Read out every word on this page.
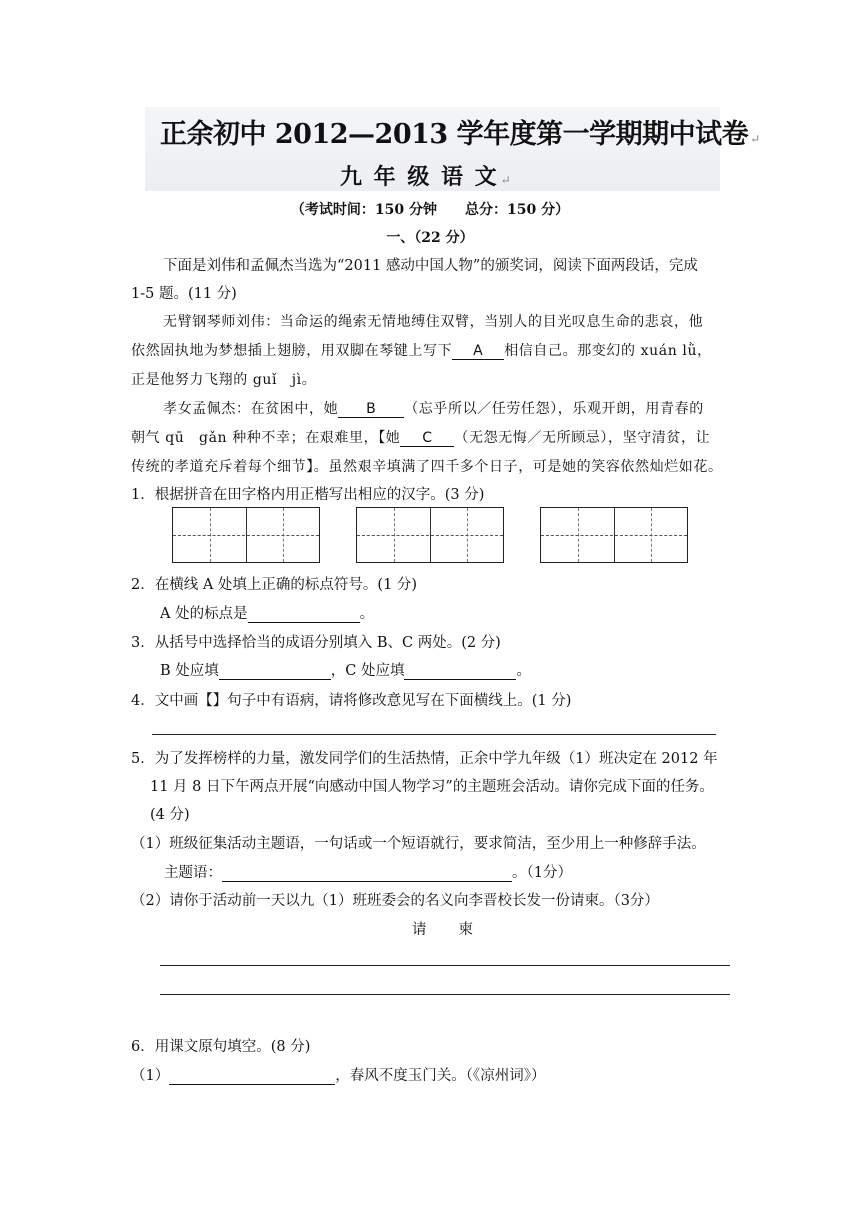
正余初中 2012—2013 学年度第一学期期中试卷 ↵
九 年 级 语 文 ↵
（考试时间：150 分钟　　总分：150 分）
一、（22 分）
下面是刘伟和孟佩杰当选为“2011 感动中国人物”的颁奖词，阅读下面两段话，完成
1-5 题。(11 分)
无臂钢琴师刘伟：当命运的绳索无情地缚住双臂，当别人的目光叹息生命的悲哀，他
依然固执地为梦想插上翅膀，用双脚在琴键上写下 A 相信自己。那变幻的 xuán lǜ，
正是他努力飞翔的 guǐ　jì。
孝女孟佩杰：在贫困中，她 B （忘乎所以／任劳任怨），乐观开朗，用青春的
朝气 qū　gǎn 种种不幸；在艰难里，【她 C （无怨无悔／无所顾忌），坚守清贫，让
传统的孝道充斥着每个细节】。虽然艰辛填满了四千多个日子，可是她的笑容依然灿烂如花。
1．根据拼音在田字格内用正楷写出相应的汉字。(3 分)
2．在横线 A 处填上正确的标点符号。(1 分)
A 处的标点是	。
3．从括号中选择恰当的成语分别填入 B、C 两处。(2 分)
B 处应填	，C 处应填	。
4．文中画【】句子中有语病，请将修改意见写在下面横线上。(1 分)
5．为了发挥榜样的力量，激发同学们的生活热情，正余中学九年级（1）班决定在 2012 年
11 月 8 日下午两点开展“向感动中国人物学习”的主题班会活动。请你完成下面的任务。
(4 分)
（1）班级征集活动主题语，一句话或一个短语就行，要求简洁，至少用上一种修辞手法。
主题语：	。（1分）
（2）请你于活动前一天以九（1）班班委会的名义向李晋校长发一份请柬。（3分）
请　　柬
6．用课文原句填空。(8 分)
（1）	，春风不度玉门关。（《凉州词》）
